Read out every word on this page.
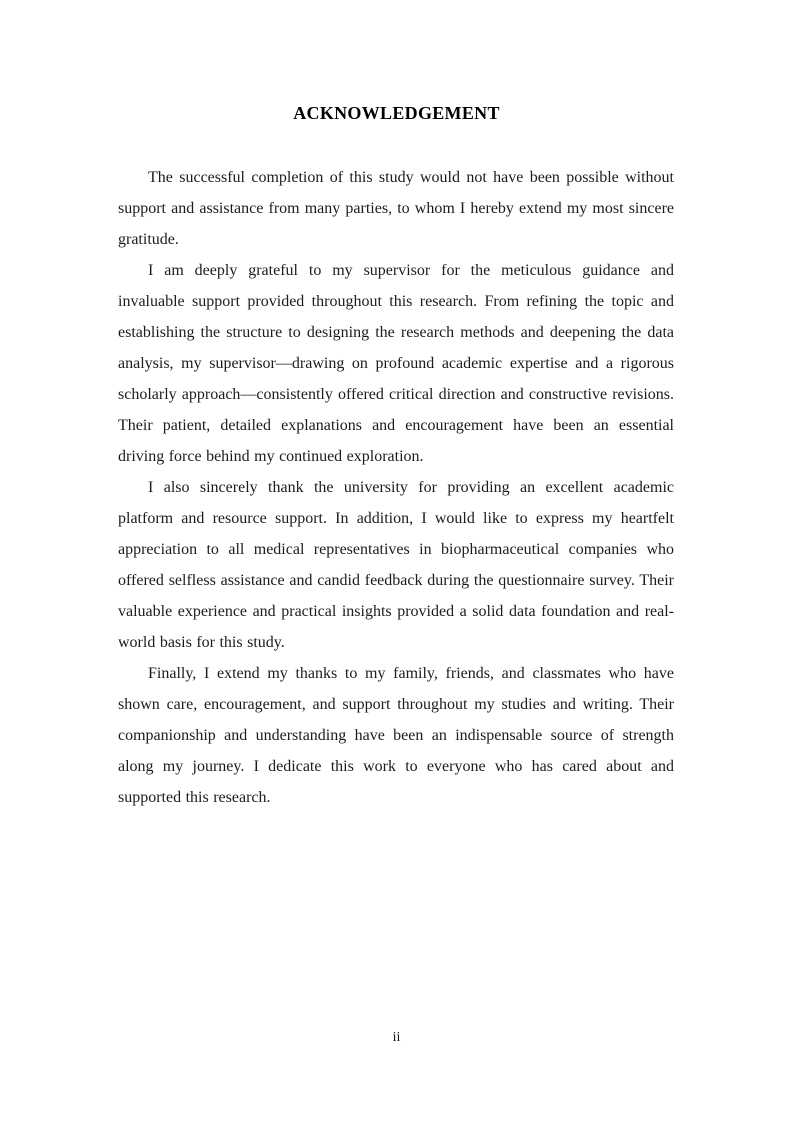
ACKNOWLEDGEMENT

The successful completion of this study would not have been possible without support and assistance from many parties, to whom I hereby extend my most sincere gratitude.

I am deeply grateful to my supervisor for the meticulous guidance and invaluable support provided throughout this research. From refining the topic and establishing the structure to designing the research methods and deepening the data analysis, my supervisor—drawing on profound academic expertise and a rigorous scholarly approach—consistently offered critical direction and constructive revisions. Their patient, detailed explanations and encouragement have been an essential driving force behind my continued exploration.

I also sincerely thank the university for providing an excellent academic platform and resource support. In addition, I would like to express my heartfelt appreciation to all medical representatives in biopharmaceutical companies who offered selfless assistance and candid feedback during the questionnaire survey. Their valuable experience and practical insights provided a solid data foundation and real-world basis for this study.

Finally, I extend my thanks to my family, friends, and classmates who have shown care, encouragement, and support throughout my studies and writing. Their companionship and understanding have been an indispensable source of strength along my journey. I dedicate this work to everyone who has cared about and supported this research.

ii
